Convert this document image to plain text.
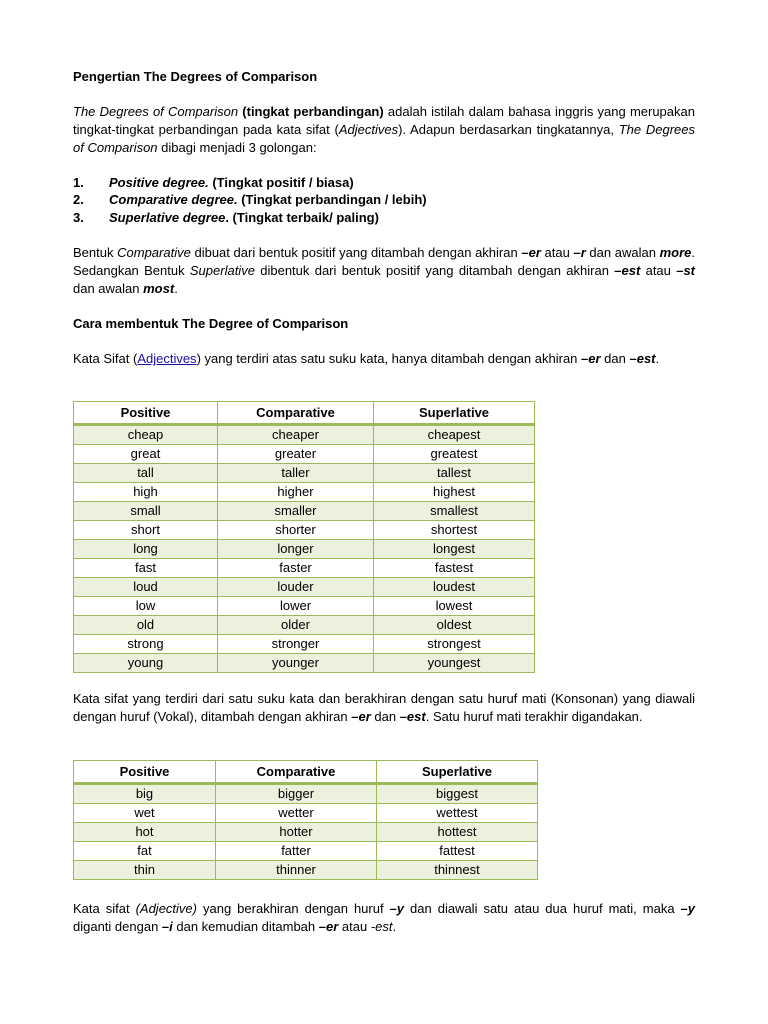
Pengertian The Degrees of Comparison

The Degrees of Comparison (tingkat perbandingan) adalah istilah dalam bahasa inggris yang merupakan tingkat-tingkat perbandingan pada kata sifat (Adjectives). Adapun berdasarkan tingkatannya, The Degrees of Comparison dibagi menjadi 3 golongan:

1. Positive degree. (Tingkat positif / biasa)
2. Comparative degree. (Tingkat perbandingan / lebih)
3. Superlative degree. (Tingkat terbaik/ paling)

Bentuk Comparative dibuat dari bentuk positif yang ditambah dengan akhiran –er atau –r dan awalan more. Sedangkan Bentuk Superlative dibentuk dari bentuk positif yang ditambah dengan akhiran –est atau –st dan awalan most.

Cara membentuk The Degree of Comparison

Kata Sifat (Adjectives) yang terdiri atas satu suku kata, hanya ditambah dengan akhiran –er dan –est.

Positive	Comparative	Superlative
cheap	cheaper	cheapest
great	greater	greatest
tall	taller	tallest
high	higher	highest
small	smaller	smallest
short	shorter	shortest
long	longer	longest
fast	faster	fastest
loud	louder	loudest
low	lower	lowest
old	older	oldest
strong	stronger	strongest
young	younger	youngest

Kata sifat yang terdiri dari satu suku kata dan berakhiran dengan satu huruf mati (Konsonan) yang diawali dengan huruf (Vokal), ditambah dengan akhiran –er dan –est. Satu huruf mati terakhir digandakan.

Positive	Comparative	Superlative
big	bigger	biggest
wet	wetter	wettest
hot	hotter	hottest
fat	fatter	fattest
thin	thinner	thinnest

Kata sifat (Adjective) yang berakhiran dengan huruf –y dan diawali satu atau dua huruf mati, maka –y diganti dengan –i dan kemudian ditambah –er atau -est.
